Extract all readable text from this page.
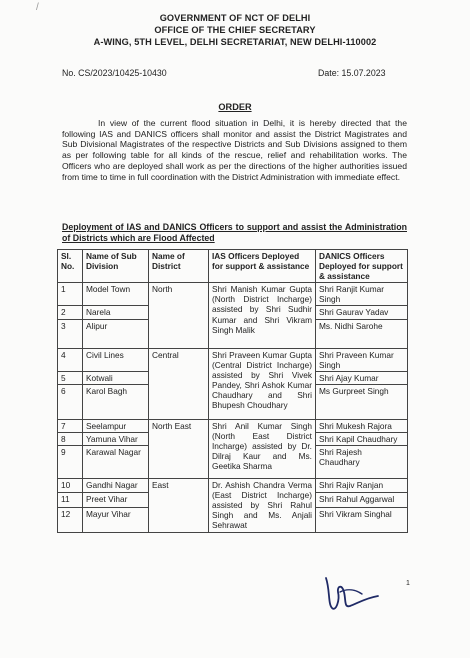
/
GOVERNMENT OF NCT OF DELHI
OFFICE OF THE CHIEF SECRETARY
A-WING, 5TH LEVEL, DELHI SECRETARIAT, NEW DELHI-110002
No. CS/2023/10425-10430	Date: 15.07.2023
ORDER
In view of the current flood situation in Delhi, it is hereby directed that the following IAS and DANICS officers shall monitor and assist the District Magistrates and Sub Divisional Magistrates of the respective Districts and Sub Divisions assigned to them as per following table for all kinds of the rescue, relief and rehabilitation works. The Officers who are deployed shall work as per the directions of the higher authorities issued from time to time in full coordination with the District Administration with immediate effect.
Deployment of IAS and DANICS Officers to support and assist the Administration of Districts which are Flood Affected
Sl. No.	Name of Sub Division	Name of District	IAS Officers Deployed for support & assistance	DANICS Officers Deployed for support & assistance
1	Model Town	North	Shri Manish Kumar Gupta (North District Incharge) assisted by Shri Sudhir Kumar and Shri Vikram Singh Malik	Shri Ranjit Kumar Singh
2	Narela			Shri Gaurav Yadav
3	Alipur			Ms. Nidhi Sarohe
4	Civil Lines	Central	Shri Praveen Kumar Gupta (Central District Incharge) assisted by Shri Vivek Pandey, Shri Ashok Kumar Chaudhary and Shri Bhupesh Choudhary	Shri Praveen Kumar Singh
5	Kotwali			Shri Ajay Kumar
6	Karol Bagh			Ms Gurpreet Singh
7	Seelampur	North East	Shri Anil Kumar Singh (North East District Incharge) assisted by Dr. Dilraj Kaur and Ms. Geetika Sharma	Shri Mukesh Rajora
8	Yamuna Vihar			Shri Kapil Chaudhary
9	Karawal Nagar			Shri Rajesh Chaudhary
10	Gandhi Nagar	East	Dr. Ashish Chandra Verma (East District Incharge) assisted by Shri Rahul Singh and Ms. Anjali Sehrawat	Shri Rajiv Ranjan
11	Preet Vihar			Shri Rahul Aggarwal
12	Mayur Vihar			Shri Vikram Singhal
1
